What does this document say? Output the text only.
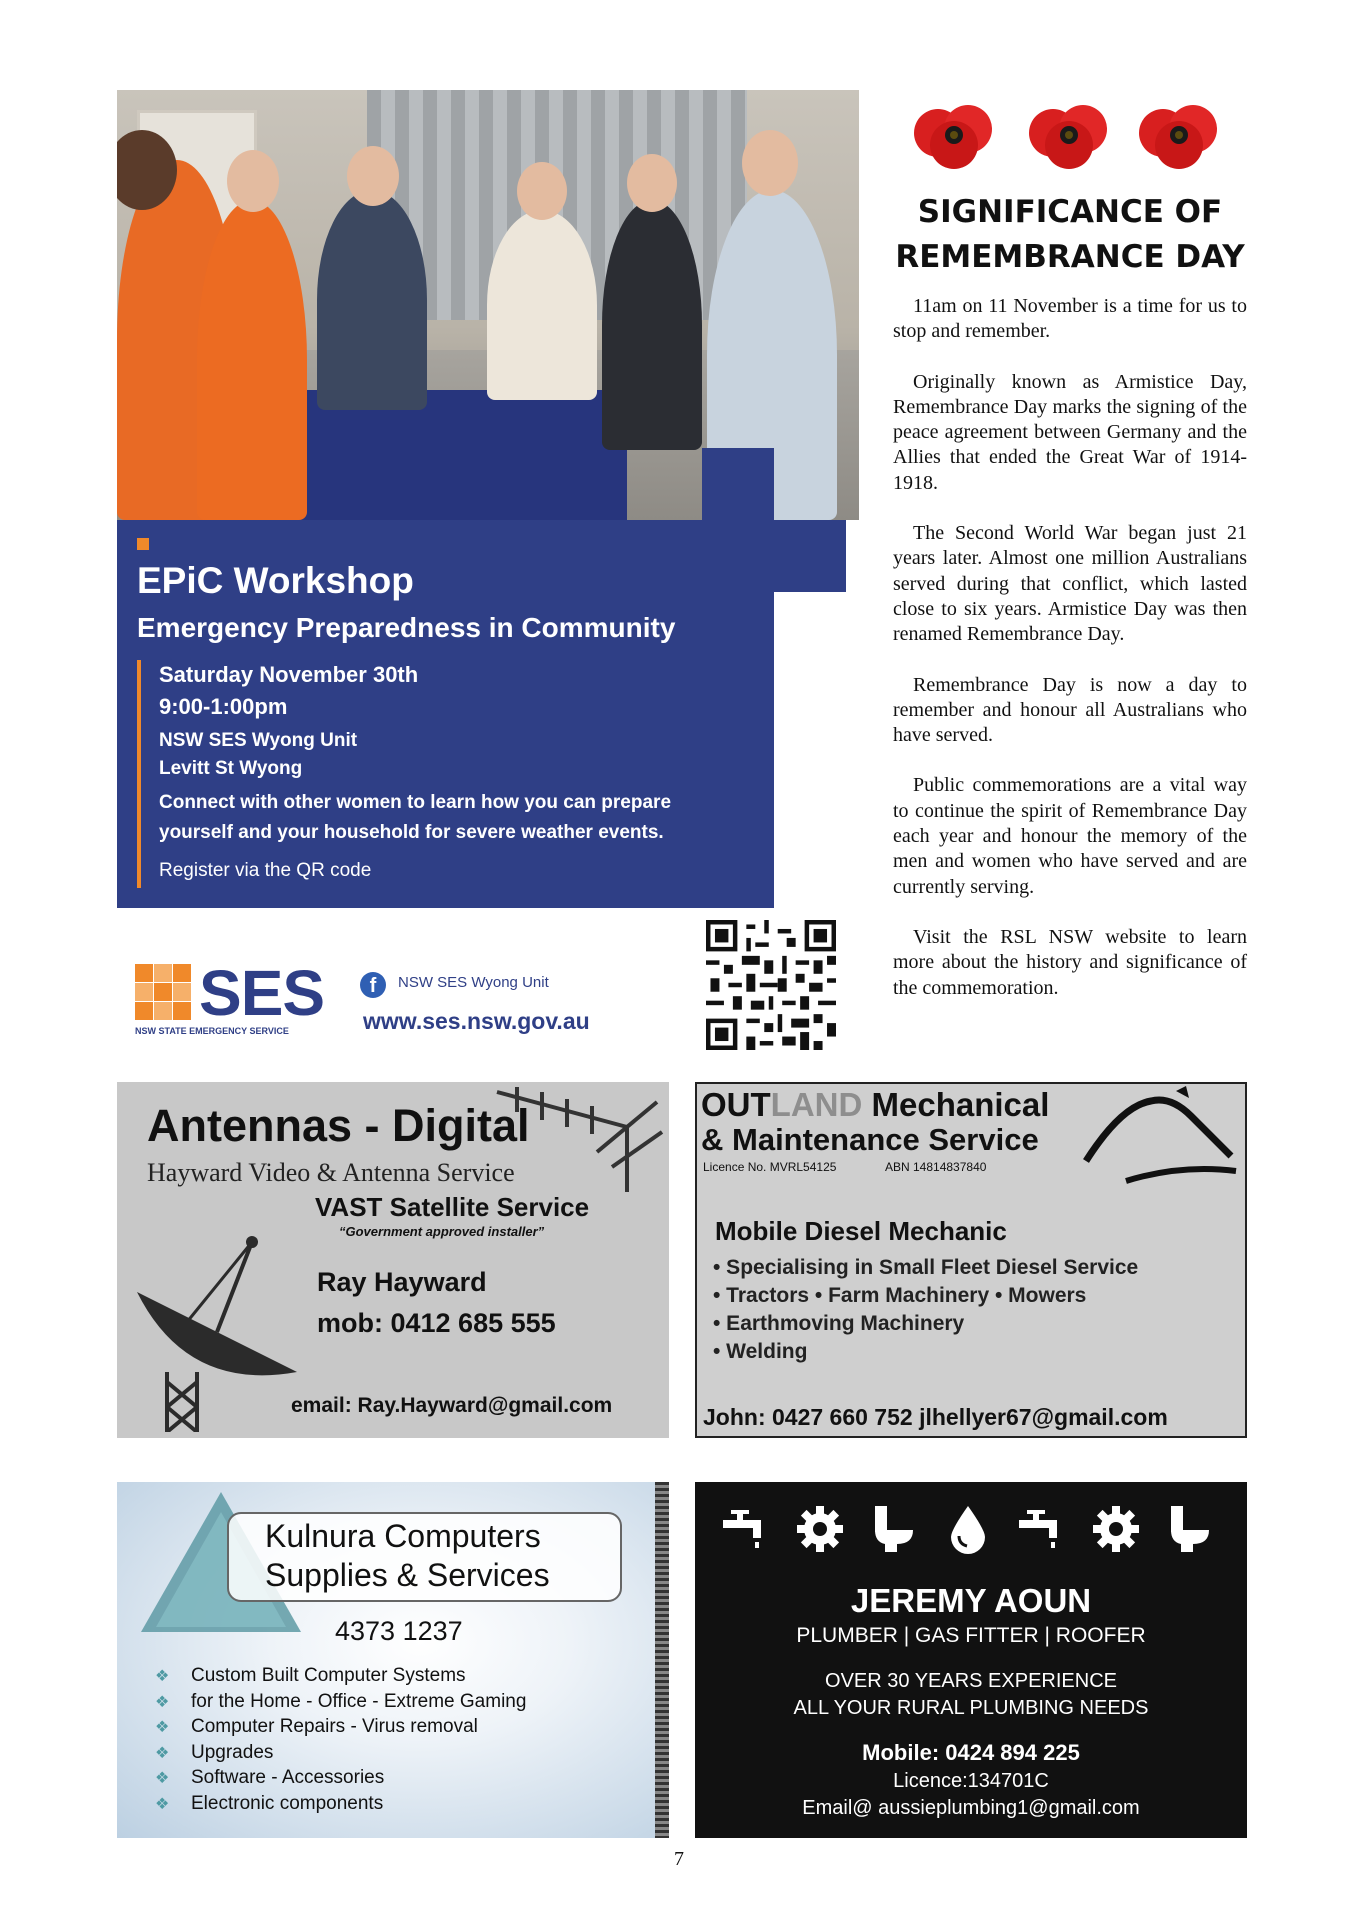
EPiC Workshop
Emergency Preparedness in Community
Saturday November 30th
9:00-1:00pm
NSW SES Wyong Unit
Levitt St Wyong
Connect with other women to learn how you can prepare
yourself and your household for severe weather events.
Register via the QR code
SES
NSW STATE EMERGENCY SERVICE
f	NSW SES Wyong Unit
www.ses.nsw.gov.au
SIGNIFICANCE OF
REMEMBRANCE DAY

11am on 11 November is a time for us to stop and remember.

Originally known as Armistice Day, Remembrance Day marks the signing of the peace agreement between Germany and the Allies that ended the Great War of 1914-1918.

The Second World War began just 21 years later. Almost one million Australians served during that conflict, which lasted close to six years. Armistice Day was then renamed Remembrance Day.

Remembrance Day is now a day to remember and honour all Australians who have served.

Public commemorations are a vital way to continue the spirit of Remembrance Day each year and honour the memory of the men and women who have served and are currently serving.

Visit the RSL NSW website to learn more about the history and significance of the commemoration.

Antennas - Digital
Hayward Video & Antenna Service
VAST Satellite Service
“Government approved installer”
Ray Hayward
mob: 0412 685 555
email: Ray.Hayward@gmail.com
OUTLAND Mechanical
& Maintenance Service
Licence No. MVRL54125	ABN 14814837840
Mobile Diesel Mechanic
• Specialising in Small Fleet Diesel Service
• Tractors • Farm Machinery • Mowers
• Earthmoving Machinery
• Welding
John: 0427 660 752 jlhellyer67@gmail.com
Kulnura Computers
Supplies & Services
4373 1237
❖ Custom Built Computer Systems
❖ for the Home - Office - Extreme Gaming
❖ Computer Repairs - Virus removal
❖ Upgrades
❖ Software - Accessories
❖ Electronic components
JEREMY AOUN
PLUMBER | GAS FITTER | ROOFER
OVER 30 YEARS EXPERIENCE
ALL YOUR RURAL PLUMBING NEEDS
Mobile: 0424 894 225
Licence:134701C
Email@ aussieplumbing1@gmail.com
7
